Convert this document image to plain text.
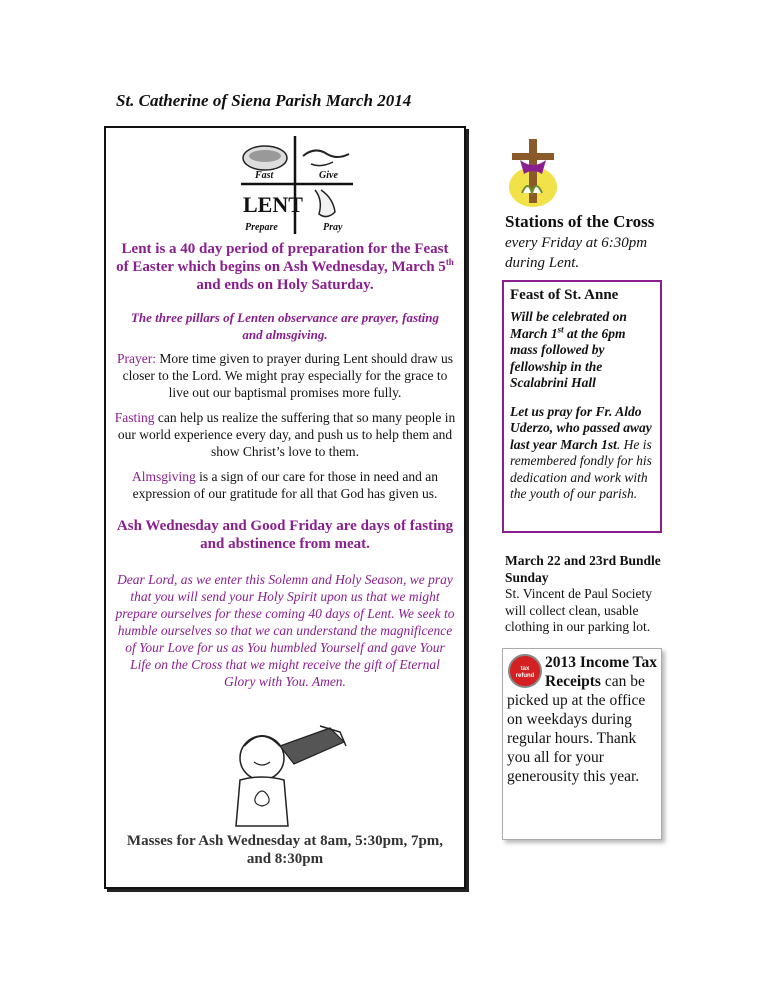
St. Catherine of Siena Parish March 2014
Fast	Give
LENT
Prepare	Pray
Lent is a 40 day period of preparation for the Feast of Easter which begins on Ash Wednesday, March 5th and ends on Holy Saturday.
The three pillars of Lenten observance are prayer, fasting and almsgiving.
Prayer: More time given to prayer during Lent should draw us closer to the Lord. We might pray especially for the grace to live out our baptismal promises more fully.
Fasting can help us realize the suffering that so many people in our world experience every day, and push us to help them and show Christ’s love to them.
Almsgiving is a sign of our care for those in need and an expression of our gratitude for all that God has given us.
Ash Wednesday and Good Friday are days of fasting and abstinence from meat.
Dear Lord, as we enter this Solemn and Holy Season, we pray that you will send your Holy Spirit upon us that we might prepare ourselves for these coming 40 days of Lent. We seek to humble ourselves so that we can understand the magnificence of Your Love for us as You humbled Yourself and gave Your Life on the Cross that we might receive the gift of Eternal Glory with You. Amen.
Masses for Ash Wednesday at 8am, 5:30pm, 7pm, and 8:30pm
Stations of the Cross every Friday at 6:30pm during Lent.
Feast of St. Anne
Will be celebrated on March 1st at the 6pm mass followed by fellowship in the Scalabrini Hall
Let us pray for Fr. Aldo Uderzo, who passed away last year March 1st. He is remembered fondly for his dedication and work with the youth of our parish.
March 22 and 23rd Bundle Sunday
St. Vincent de Paul Society will collect clean, usable clothing in our parking lot.
tax
refund
2013 Income Tax Receipts can be picked up at the office on weekdays during regular hours. Thank you all for your generousity this year.
